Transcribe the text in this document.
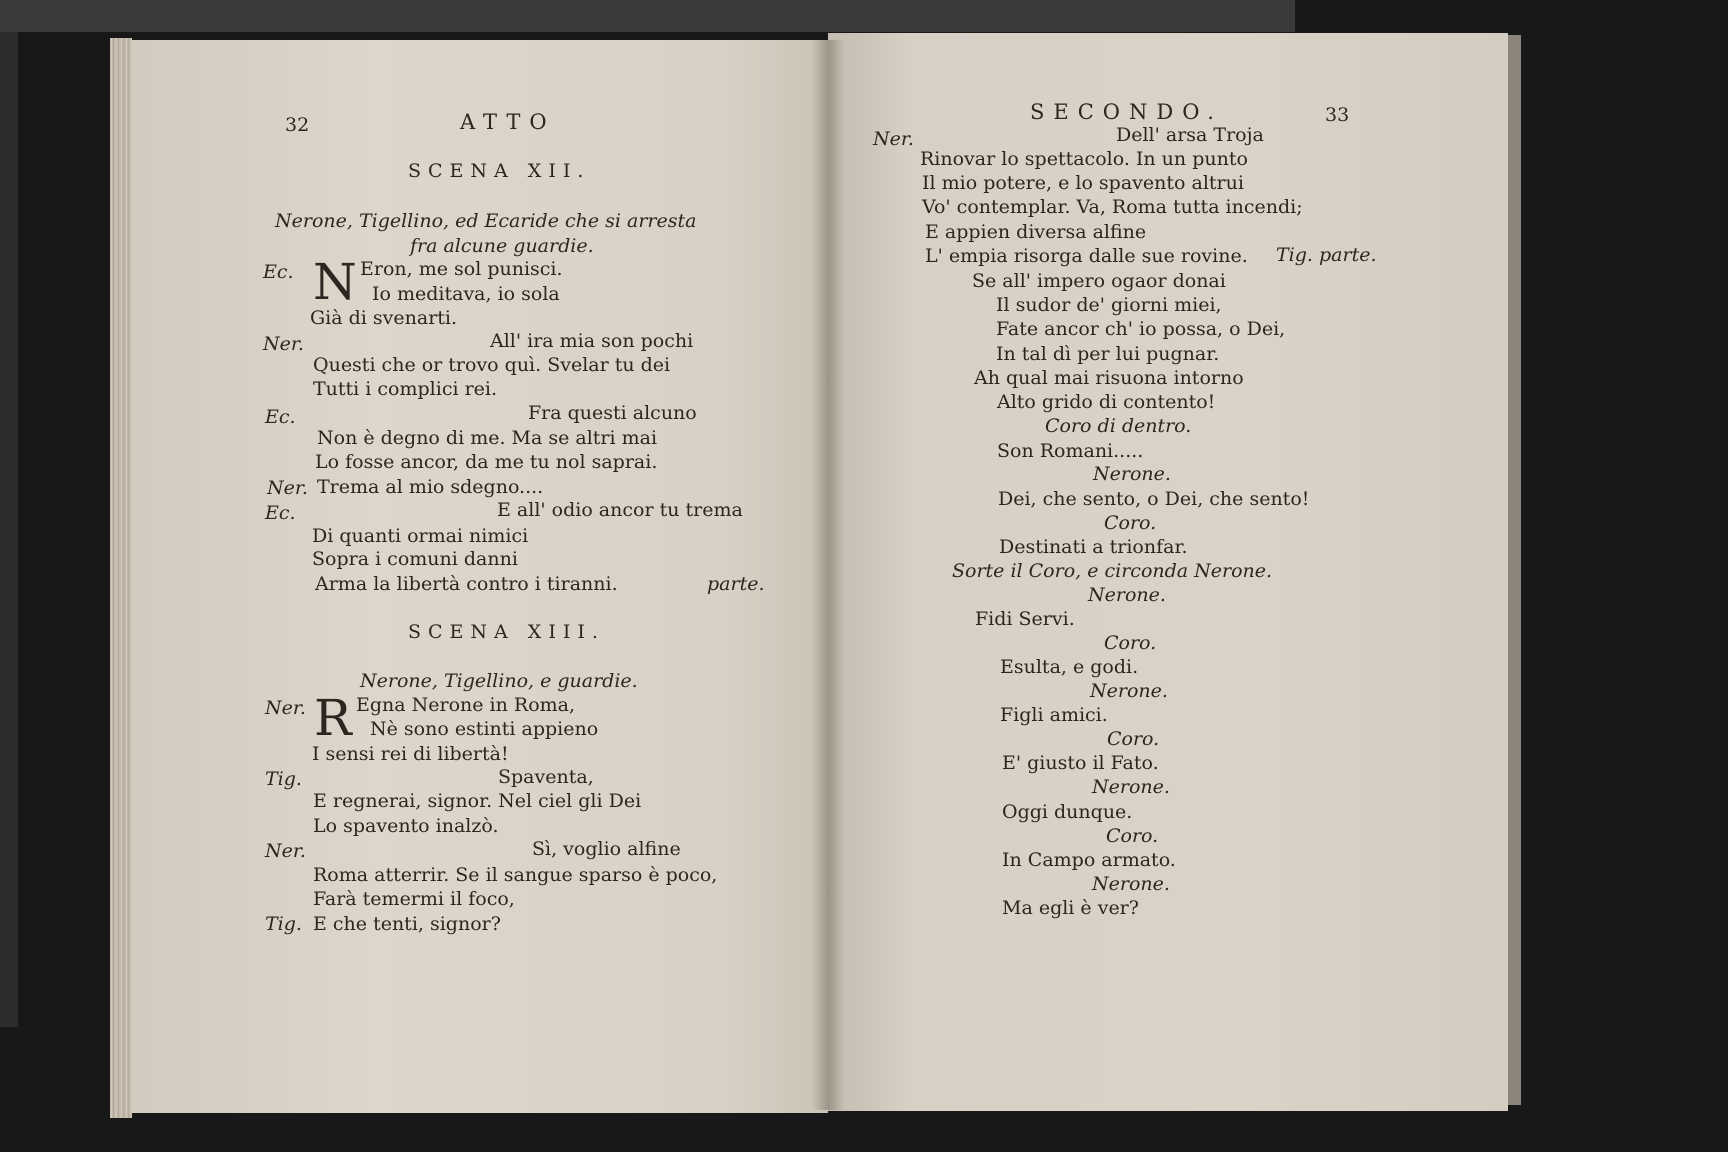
32	ATTO
SCENA XII.
Nerone, Tigellino, ed Ecaride che si arresta
fra alcune guardie.
Ec. N Eron, me sol punisci.
Io meditava, io sola
Già di svenarti.
Ner.	All' ira mia son pochi
Questi che or trovo quì. Svelar tu dei
Tutti i complici rei.
Ec.	Fra questi alcuno
Non è degno di me. Ma se altri mai
Lo fosse ancor, da me tu nol saprai.
Ner. Trema al mio sdegno....
Ec.	E all' odio ancor tu trema
Di quanti ormai nimici
Sopra i comuni danni
Arma la libertà contro i tiranni.	parte.
SCENA XIII.
Nerone, Tigellino, e guardie.
Ner. R Egna Nerone in Roma,
Nè sono estinti appieno
I sensi rei di libertà!
Tig.	Spaventa,
E regnerai, signor. Nel ciel gli Dei
Lo spavento inalzò.
Ner.	Sì, voglio alfine
Roma atterrir. Se il sangue sparso è poco,
Farà temermi il foco,
Tig. E che tenti, signor?
SECONDO.	33
Ner.	Dell' arsa Troja
Rinovar lo spettacolo. In un punto
Il mio potere, e lo spavento altrui
Vo' contemplar. Va, Roma tutta incendi;
E appien diversa alfine
L' empia risorga dalle sue rovine. Tig. parte.
Se all' impero ogaor donai
Il sudor de' giorni miei,
Fate ancor ch' io possa, o Dei,
In tal dì per lui pugnar.
Ah qual mai risuona intorno
Alto grido di contento!
Coro di dentro.
Son Romani.....
Nerone.
Dei, che sento, o Dei, che sento!
Coro.
Destinati a trionfar.
Sorte il Coro, e circonda Nerone.
Nerone.
Fidi Servi.
Coro.
Esulta, e godi.
Nerone.
Figli amici.
Coro.
E' giusto il Fato.
Nerone.
Oggi dunque.
Coro.
In Campo armato.
Nerone.
Ma egli è ver?
